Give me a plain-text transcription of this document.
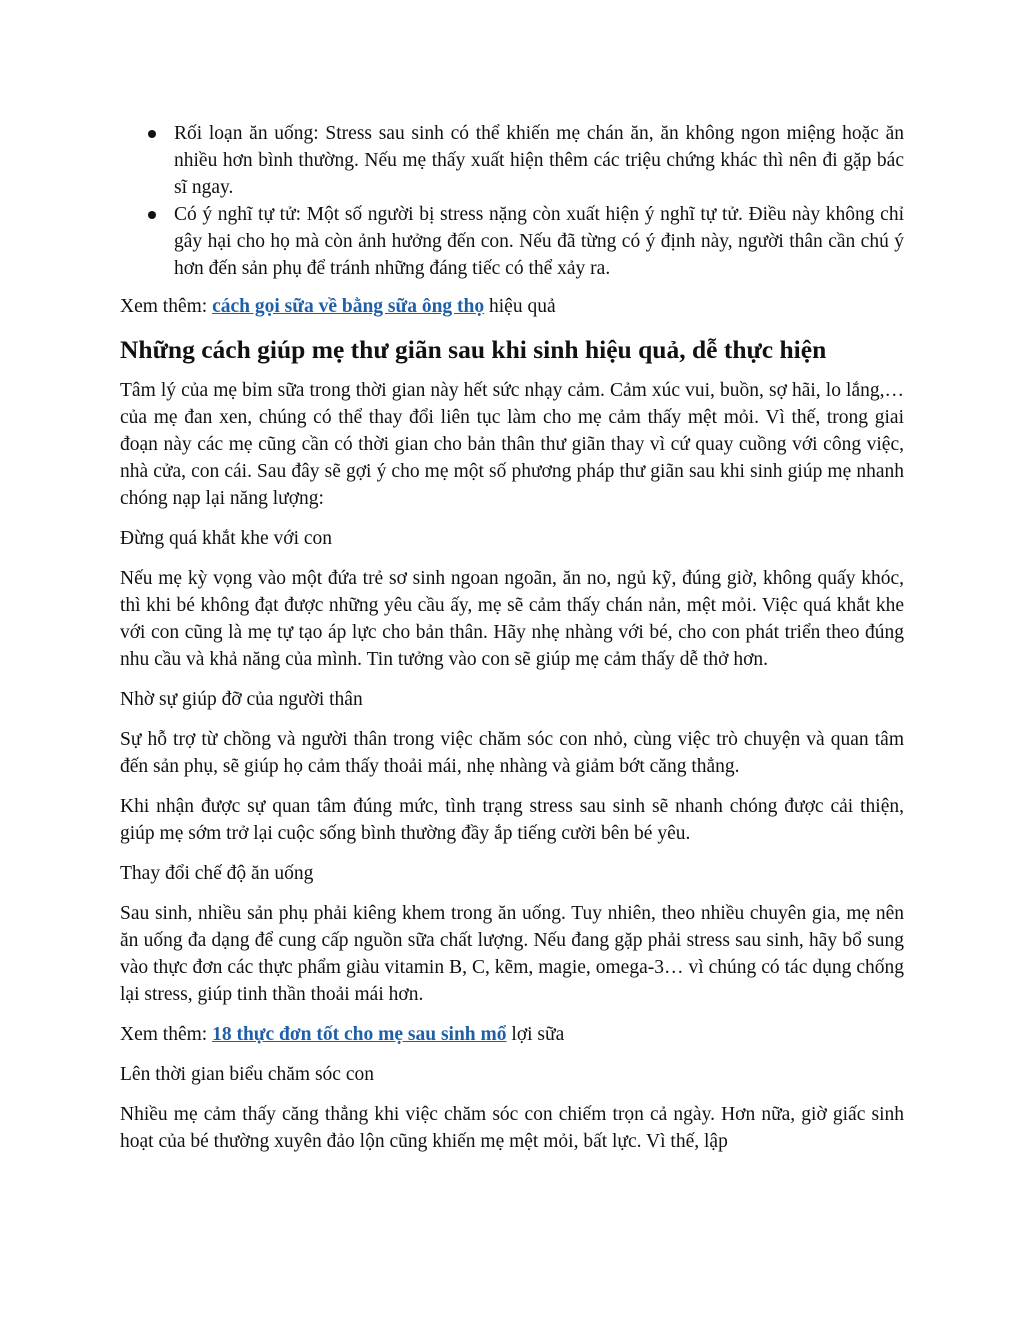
Rối loạn ăn uống: Stress sau sinh có thể khiến mẹ chán ăn, ăn không ngon miệng hoặc ăn nhiều hơn bình thường. Nếu mẹ thấy xuất hiện thêm các triệu chứng khác thì nên đi gặp bác sĩ ngay.
Có ý nghĩ tự tử: Một số người bị stress nặng còn xuất hiện ý nghĩ tự tử. Điều này không chỉ gây hại cho họ mà còn ảnh hưởng đến con. Nếu đã từng có ý định này, người thân cần chú ý hơn đến sản phụ để tránh những đáng tiếc có thể xảy ra.

Xem thêm: cách gọi sữa về bằng sữa ông thọ hiệu quả

Những cách giúp mẹ thư giãn sau khi sinh hiệu quả, dễ thực hiện

Tâm lý của mẹ bỉm sữa trong thời gian này hết sức nhạy cảm. Cảm xúc vui, buồn, sợ hãi, lo lắng,… của mẹ đan xen, chúng có thể thay đổi liên tục làm cho mẹ cảm thấy mệt mỏi. Vì thế, trong giai đoạn này các mẹ cũng cần có thời gian cho bản thân thư giãn thay vì cứ quay cuồng với công việc, nhà cửa, con cái. Sau đây sẽ gợi ý cho mẹ một số phương pháp thư giãn sau khi sinh giúp mẹ nhanh chóng nạp lại năng lượng:

Đừng quá khắt khe với con

Nếu mẹ kỳ vọng vào một đứa trẻ sơ sinh ngoan ngoãn, ăn no, ngủ kỹ, đúng giờ, không quấy khóc, thì khi bé không đạt được những yêu cầu ấy, mẹ sẽ cảm thấy chán nản, mệt mỏi. Việc quá khắt khe với con cũng là mẹ tự tạo áp lực cho bản thân. Hãy nhẹ nhàng với bé, cho con phát triển theo đúng nhu cầu và khả năng của mình. Tin tưởng vào con sẽ giúp mẹ cảm thấy dễ thở hơn.

Nhờ sự giúp đỡ của người thân

Sự hỗ trợ từ chồng và người thân trong việc chăm sóc con nhỏ, cùng việc trò chuyện và quan tâm đến sản phụ, sẽ giúp họ cảm thấy thoải mái, nhẹ nhàng và giảm bớt căng thẳng.

Khi nhận được sự quan tâm đúng mức, tình trạng stress sau sinh sẽ nhanh chóng được cải thiện, giúp mẹ sớm trở lại cuộc sống bình thường đầy ắp tiếng cười bên bé yêu.

Thay đổi chế độ ăn uống

Sau sinh, nhiều sản phụ phải kiêng khem trong ăn uống. Tuy nhiên, theo nhiều chuyên gia, mẹ nên ăn uống đa dạng để cung cấp nguồn sữa chất lượng. Nếu đang gặp phải stress sau sinh, hãy bổ sung vào thực đơn các thực phẩm giàu vitamin B, C, kẽm, magie, omega-3… vì chúng có tác dụng chống lại stress, giúp tinh thần thoải mái hơn.

Xem thêm: 18 thực đơn tốt cho mẹ sau sinh mổ lợi sữa

Lên thời gian biểu chăm sóc con

Nhiều mẹ cảm thấy căng thẳng khi việc chăm sóc con chiếm trọn cả ngày. Hơn nữa, giờ giấc sinh hoạt của bé thường xuyên đảo lộn cũng khiến mẹ mệt mỏi, bất lực. Vì thế, lập
